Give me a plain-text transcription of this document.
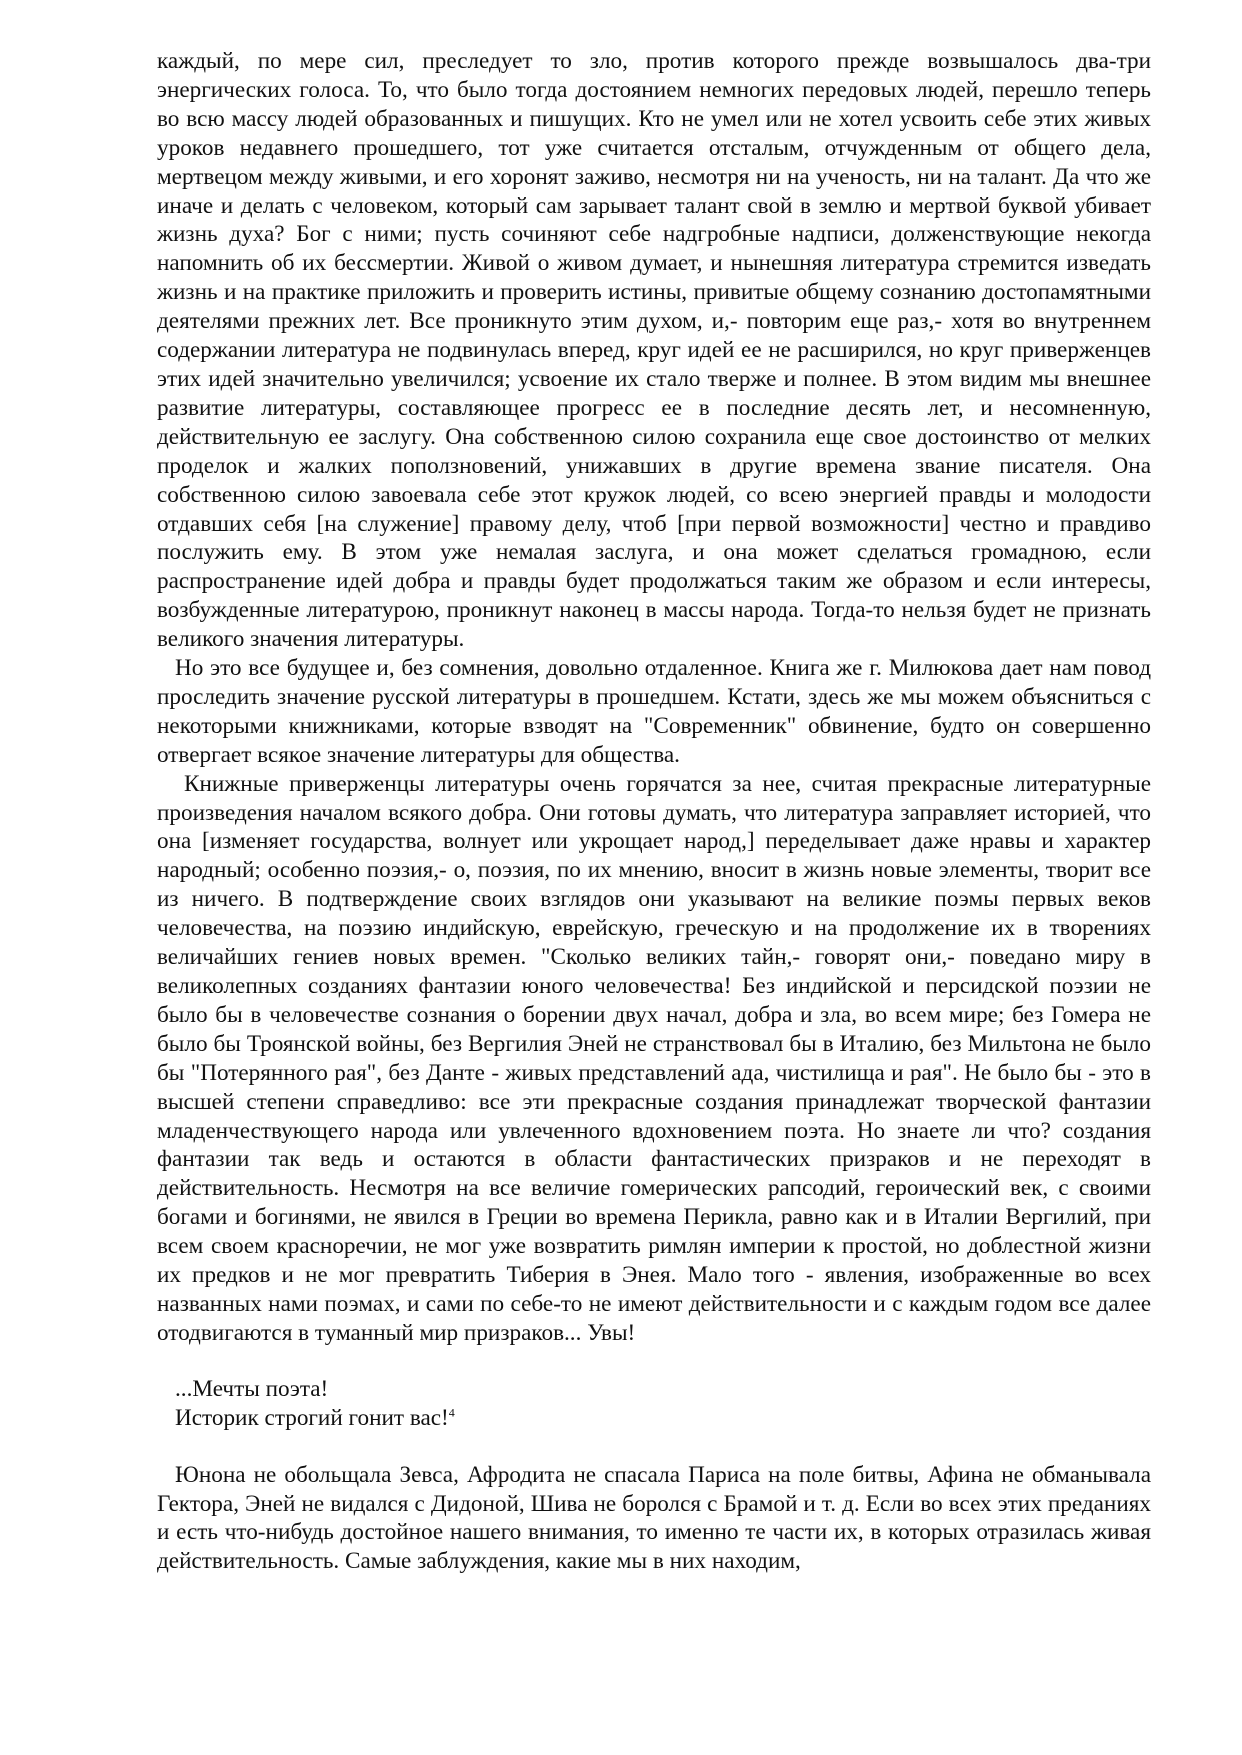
каждый, по мере сил, преследует то зло, против которого прежде возвышалось два-три энергических голоса. То, что было тогда достоянием немногих передовых людей, перешло теперь во всю массу людей образованных и пишущих. Кто не умел или не хотел усвоить себе этих живых уроков недавнего прошедшего, тот уже считается отсталым, отчужденным от общего дела, мертвецом между живыми, и его хоронят заживо, несмотря ни на ученость, ни на талант. Да что же иначе и делать с человеком, который сам зарывает талант свой в землю и мертвой буквой убивает жизнь духа? Бог с ними; пусть сочиняют себе надгробные надписи, долженствующие некогда напомнить об их бессмертии. Живой о живом думает, и нынешняя литература стремится изведать жизнь и на практике приложить и проверить истины, привитые общему сознанию достопамятными деятелями прежних лет. Все проникнуто этим духом, и,- повторим еще раз,- хотя во внутреннем содержании литература не подвинулась вперед, круг идей ее не расширился, но круг приверженцев этих идей значительно увеличился; усвоение их стало тверже и полнее. В этом видим мы внешнее развитие литературы, составляющее прогресс ее в последние десять лет, и несомненную, действительную ее заслугу. Она собственною силою сохранила еще свое достоинство от мелких проделок и жалких поползновений, унижавших в другие времена звание писателя. Она собственною силою завоевала себе этот кружок людей, со всею энергией правды и молодости отдавших себя [на служение] правому делу, чтоб [при первой возможности] честно и правдиво послужить ему. В этом уже немалая заслуга, и она может сделаться громадною, если распространение идей добра и правды будет продолжаться таким же образом и если интересы, возбужденные литературою, проникнут наконец в массы народа. Тогда-то нельзя будет не признать великого значения литературы.

Но это все будущее и, без сомнения, довольно отдаленное. Книга же г. Милюкова дает нам повод проследить значение русской литературы в прошедшем. Кстати, здесь же мы можем объясниться с некоторыми книжниками, которые взводят на "Современник" обвинение, будто он совершенно отвергает всякое значение литературы для общества.

Книжные приверженцы литературы очень горячатся за нее, считая прекрасные литературные произведения началом всякого добра. Они готовы думать, что литература заправляет историей, что она [изменяет государства, волнует или укрощает народ,] переделывает даже нравы и характер народный; особенно поэзия,- о, поэзия, по их мнению, вносит в жизнь новые элементы, творит все из ничего. В подтверждение своих взглядов они указывают на великие поэмы первых веков человечества, на поэзию индийскую, еврейскую, греческую и на продолжение их в творениях величайших гениев новых времен. "Сколько великих тайн,- говорят они,- поведано миру в великолепных созданиях фантазии юного человечества! Без индийской и персидской поэзии не было бы в человечестве сознания о борении двух начал, добра и зла, во всем мире; без Гомера не было бы Троянской войны, без Вергилия Эней не странствовал бы в Италию, без Мильтона не было бы "Потерянного рая", без Данте - живых представлений ада, чистилища и рая". Не было бы - это в высшей степени справедливо: все эти прекрасные создания принадлежат творческой фантазии младенчествующего народа или увлеченного вдохновением поэта. Но знаете ли что? создания фантазии так ведь и остаются в области фантастических призраков и не переходят в действительность. Несмотря на все величие гомерических рапсодий, героический век, с своими богами и богинями, не явился в Греции во времена Перикла, равно как и в Италии Вергилий, при всем своем красноречии, не мог уже возвратить римлян империи к простой, но доблестной жизни их предков и не мог превратить Тиберия в Энея. Мало того - явления, изображенные во всех названных нами поэмах, и сами по себе-то не имеют действительности и с каждым годом все далее отодвигаются в туманный мир призраков... Увы!

...Мечты поэта!
Историк строгий гонит вас!$^4$

Юнона не обольщала Зевса, Афродита не спасала Париса на поле битвы, Афина не обманывала Гектора, Эней не видался с Дидоной, Шива не боролся с Брамой и т. д. Если во всех этих преданиях и есть что-нибудь достойное нашего внимания, то именно те части их, в которых отразилась живая действительность. Самые заблуждения, какие мы в них находим,
